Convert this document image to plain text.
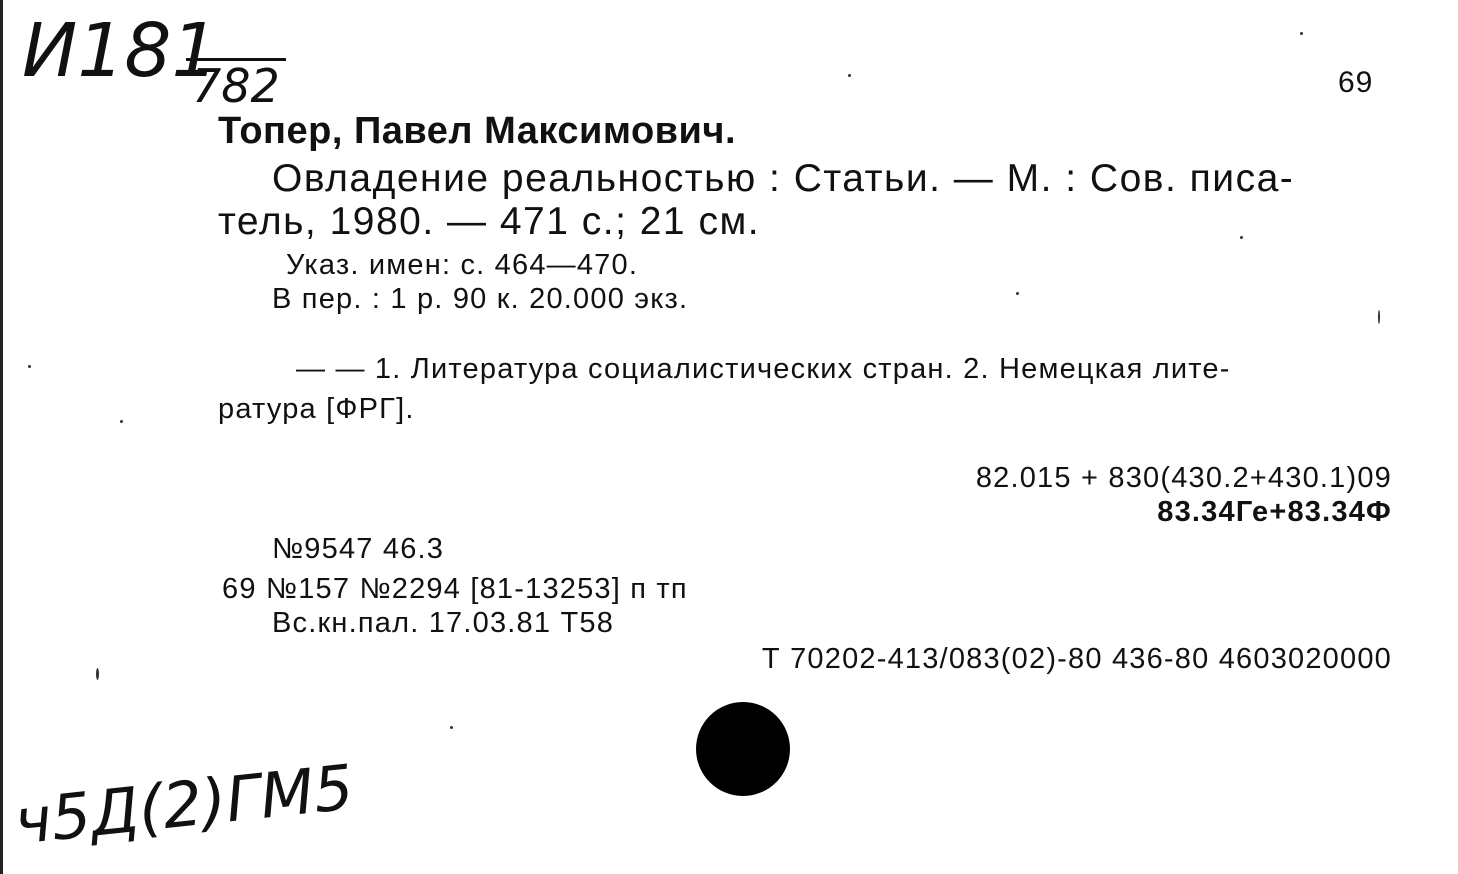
И181
782	69
Топер, Павел Максимович.
Овладение реальностью : Статьи. — М. : Сов. писа-
тель, 1980. — 471 с.; 21 см.
Указ. имен: с. 464—470.
В пер. : 1 р. 90 к. 20.000 экз.
— — 1. Литература социалистических стран. 2. Немецкая лите-
ратура [ФРГ].
82.015 + 830(430.2+430.1)09
83.34Ге+83.34Ф
№9547 46.3
69 №157 №2294 [81-13253] п тп
Вс.кн.пал. 17.03.81 Т58
Т 70202-413/083(02)-80 436-80 4603020000
ч5Д(2)ГМ5
